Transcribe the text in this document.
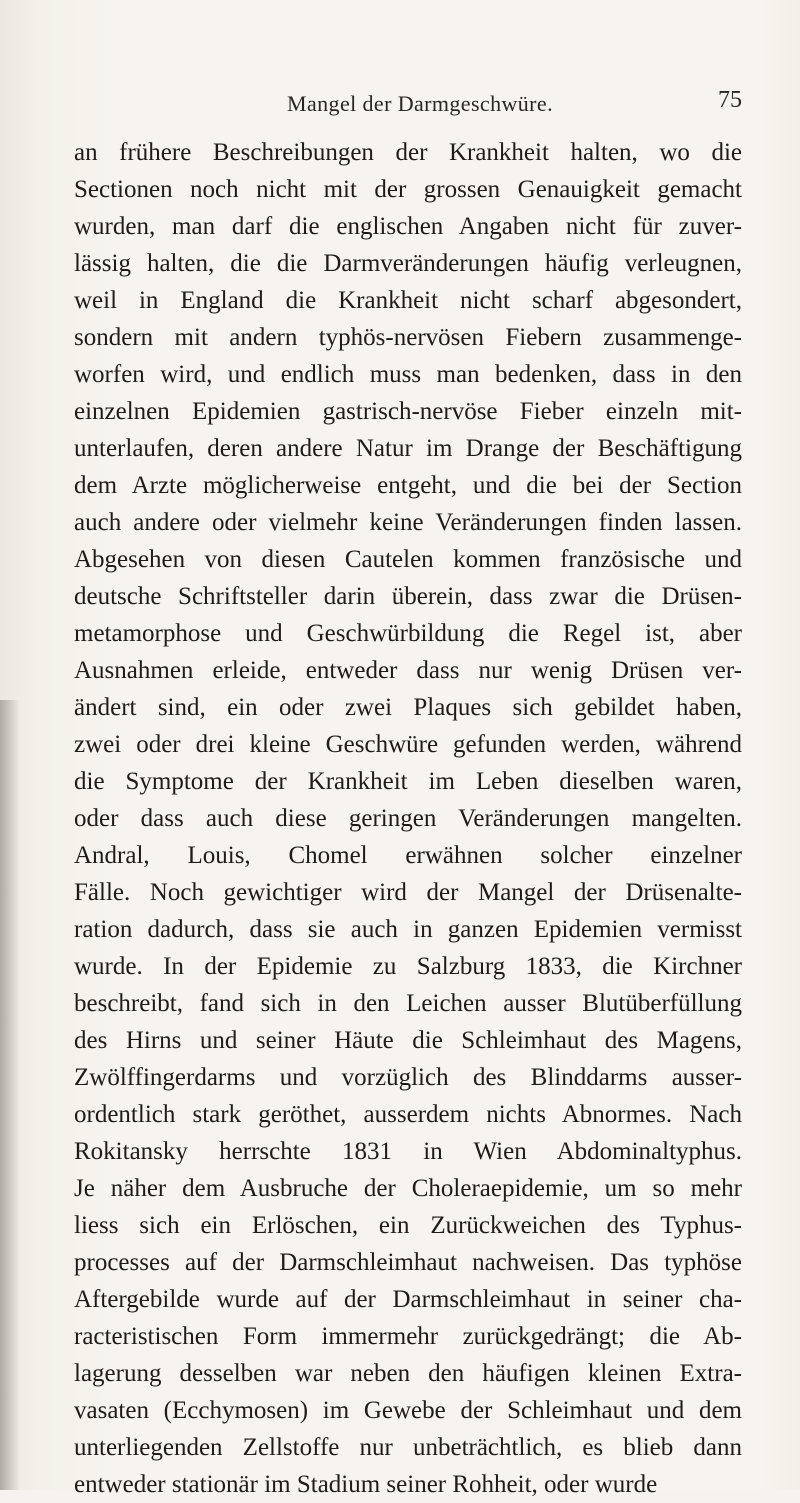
Mangel der Darmgeschwüre.	75
an frühere Beschreibungen der Krankheit halten, wo die
Sectionen noch nicht mit der grossen Genauigkeit gemacht
wurden, man darf die englischen Angaben nicht für zuver-
lässig halten, die die Darmveränderungen häufig verleugnen,
weil in England die Krankheit nicht scharf abgesondert,
sondern mit andern typhös-nervösen Fiebern zusammenge-
worfen wird, und endlich muss man bedenken, dass in den
einzelnen Epidemien gastrisch-nervöse Fieber einzeln mit-
unterlaufen, deren andere Natur im Drange der Beschäftigung
dem Arzte möglicherweise entgeht, und die bei der Section
auch andere oder vielmehr keine Veränderungen finden lassen.
Abgesehen von diesen Cautelen kommen französische und
deutsche Schriftsteller darin überein, dass zwar die Drüsen-
metamorphose und Geschwürbildung die Regel ist, aber
Ausnahmen erleide, entweder dass nur wenig Drüsen ver-
ändert sind, ein oder zwei Plaques sich gebildet haben,
zwei oder drei kleine Geschwüre gefunden werden, während
die Symptome der Krankheit im Leben dieselben waren,
oder dass auch diese geringen Veränderungen mangelten.
Andral, Louis, Chomel erwähnen solcher einzelner
Fälle. Noch gewichtiger wird der Mangel der Drüsenalte-
ration dadurch, dass sie auch in ganzen Epidemien vermisst
wurde. In der Epidemie zu Salzburg 1833, die Kirchner
beschreibt, fand sich in den Leichen ausser Blutüberfüllung
des Hirns und seiner Häute die Schleimhaut des Magens,
Zwölffingerdarms und vorzüglich des Blinddarms ausser-
ordentlich stark geröthet, ausserdem nichts Abnormes. Nach
Rokitansky herrschte 1831 in Wien Abdominaltyphus.
Je näher dem Ausbruche der Choleraepidemie, um so mehr
liess sich ein Erlöschen, ein Zurückweichen des Typhus-
processes auf der Darmschleimhaut nachweisen. Das typhöse
Aftergebilde wurde auf der Darmschleimhaut in seiner cha-
racteristischen Form immermehr zurückgedrängt; die Ab-
lagerung desselben war neben den häufigen kleinen Extra-
vasaten (Ecchymosen) im Gewebe der Schleimhaut und dem
unterliegenden Zellstoffe nur unbeträchtlich, es blieb dann
entweder stationär im Stadium seiner Rohheit, oder wurde
